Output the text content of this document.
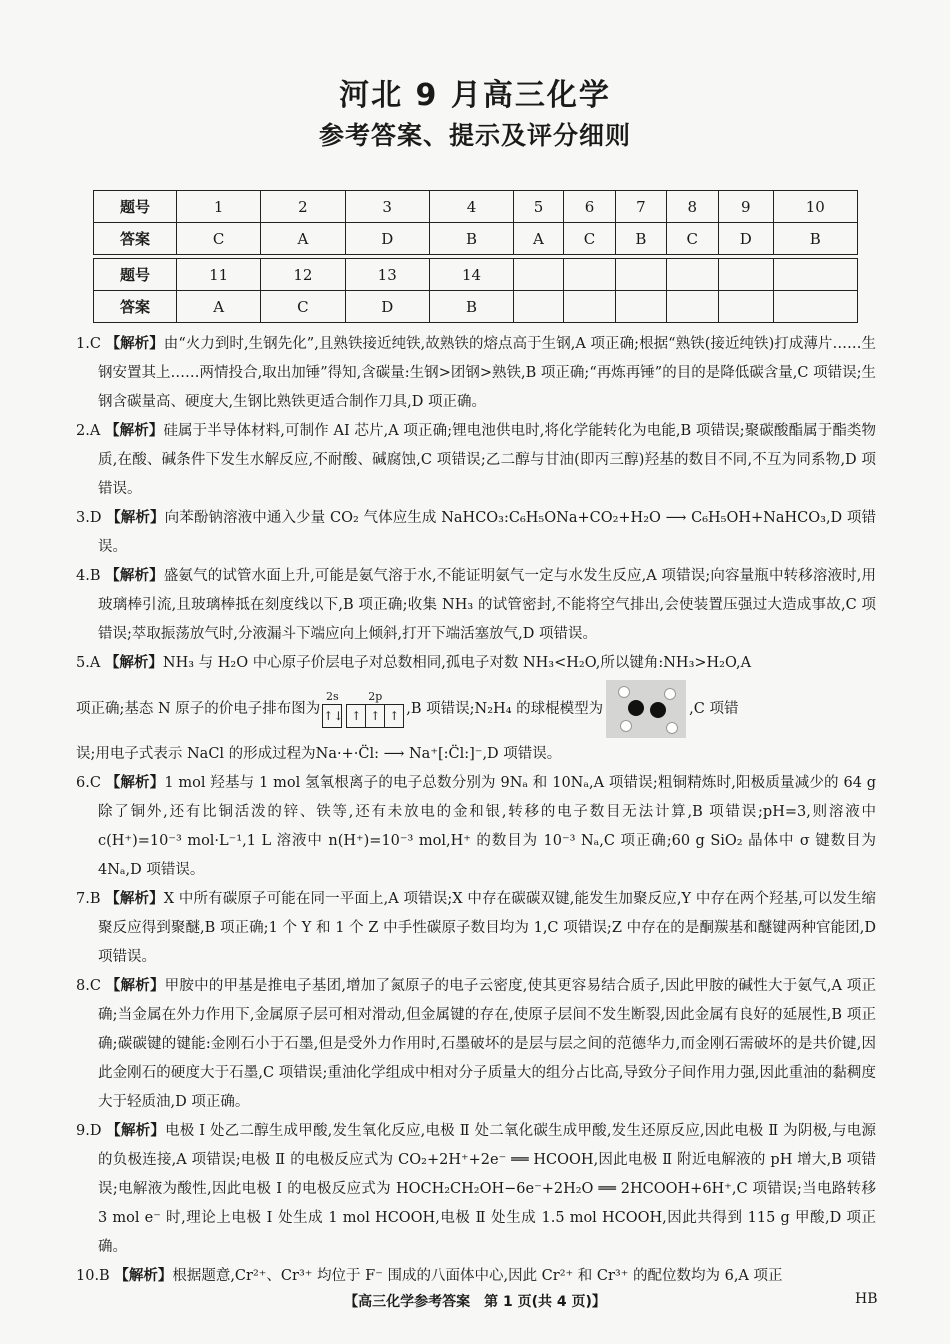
河北 9 月高三化学
参考答案、提示及评分细则
题号	1	2	3	4	5	6	7	8	9	10
答案	C	A	D	B	A	C	B	C	D	B

题号	11	12	13	14						
答案	A	C	D	B						

1.C 【解析】由“火力到时,生钢先化”,且熟铁接近纯铁,故熟铁的熔点高于生钢,A 项正确;根据“熟铁(接近纯铁)打成薄片……生钢安置其上……两情投合,取出加锤”得知,含碳量:生钢>团钢>熟铁,B 项正确;“再炼再锤”的目的是降低碳含量,C 项错误;生钢含碳量高、硬度大,生钢比熟铁更适合制作刀具,D 项正确。

2.A 【解析】硅属于半导体材料,可制作 AI 芯片,A 项正确;锂电池供电时,将化学能转化为电能,B 项错误;聚碳酸酯属于酯类物质,在酸、碱条件下发生水解反应,不耐酸、碱腐蚀,C 项错误;乙二醇与甘油(即丙三醇)羟基的数目不同,不互为同系物,D 项错误。

3.D 【解析】向苯酚钠溶液中通入少量 CO₂ 气体应生成 NaHCO₃:C₆H₅ONa+CO₂+H₂O ⟶ C₆H₅OH+NaHCO₃,D 项错误。

4.B 【解析】盛氨气的试管水面上升,可能是氨气溶于水,不能证明氨气一定与水发生反应,A 项错误;向容量瓶中转移溶液时,用玻璃棒引流,且玻璃棒抵在刻度线以下,B 项正确;收集 NH₃ 的试管密封,不能将空气排出,会使装置压强过大造成事故,C 项错误;萃取振荡放气时,分液漏斗下端应向上倾斜,打开下端活塞放气,D 项错误。

5.A 【解析】NH₃ 与 H₂O 中心原子价层电子对总数相同,孤电子对数 NH₃<H₂O,所以键角:NH₃>H₂O,A

项正确;基态 N 原子的价电子排布图为
2s
↑↓
2p
↑ ↑ ↑ ,B 项错误;N₂H₄ 的球棍模型为	,C 项错

误;用电子式表示 NaCl 的形成过程为Na·+·C̈l: ⟶ Na⁺[:C̈l:]⁻,D 项错误。

6.C 【解析】1 mol 羟基与 1 mol 氢氧根离子的电子总数分别为 9Nₐ 和 10Nₐ,A 项错误;粗铜精炼时,阳极质量减少的 64 g 除了铜外,还有比铜活泼的锌、铁等,还有未放电的金和银,转移的电子数目无法计算,B 项错误;pH=3,则溶液中 c(H⁺)=10⁻³ mol·L⁻¹,1 L 溶液中 n(H⁺)=10⁻³ mol,H⁺ 的数目为 10⁻³ Nₐ,C 项正确;60 g SiO₂ 晶体中 σ 键数目为 4Nₐ,D 项错误。

7.B 【解析】X 中所有碳原子可能在同一平面上,A 项错误;X 中存在碳碳双键,能发生加聚反应,Y 中存在两个羟基,可以发生缩聚反应得到聚醚,B 项正确;1 个 Y 和 1 个 Z 中手性碳原子数目均为 1,C 项错误;Z 中存在的是酮羰基和醚键两种官能团,D 项错误。

8.C 【解析】甲胺中的甲基是推电子基团,增加了氮原子的电子云密度,使其更容易结合质子,因此甲胺的碱性大于氨气,A 项正确;当金属在外力作用下,金属原子层可相对滑动,但金属键的存在,使原子层间不发生断裂,因此金属有良好的延展性,B 项正确;碳碳键的键能:金刚石小于石墨,但是受外力作用时,石墨破坏的是层与层之间的范德华力,而金刚石需破坏的是共价键,因此金刚石的硬度大于石墨,C 项错误;重油化学组成中相对分子质量大的组分占比高,导致分子间作用力强,因此重油的黏稠度大于轻质油,D 项正确。

9.D 【解析】电极 Ⅰ 处乙二醇生成甲酸,发生氧化反应,电极 Ⅱ 处二氧化碳生成甲酸,发生还原反应,因此电极 Ⅱ 为阴极,与电源的负极连接,A 项错误;电极 Ⅱ 的电极反应式为 CO₂+2H⁺+2e⁻ ══ HCOOH,因此电极 Ⅱ 附近电解液的 pH 增大,B 项错误;电解液为酸性,因此电极 Ⅰ 的电极反应式为 HOCH₂CH₂OH−6e⁻+2H₂O ══ 2HCOOH+6H⁺,C 项错误;当电路转移 3 mol e⁻ 时,理论上电极 Ⅰ 处生成 1 mol HCOOH,电极 Ⅱ 处生成 1.5 mol HCOOH,因此共得到 115 g 甲酸,D 项正确。

10.B 【解析】根据题意,Cr²⁺、Cr³⁺ 均位于 F⁻ 围成的八面体中心,因此 Cr²⁺ 和 Cr³⁺ 的配位数均为 6,A 项正

【高三化学参考答案　第 1 页(共 4 页)】	HB
